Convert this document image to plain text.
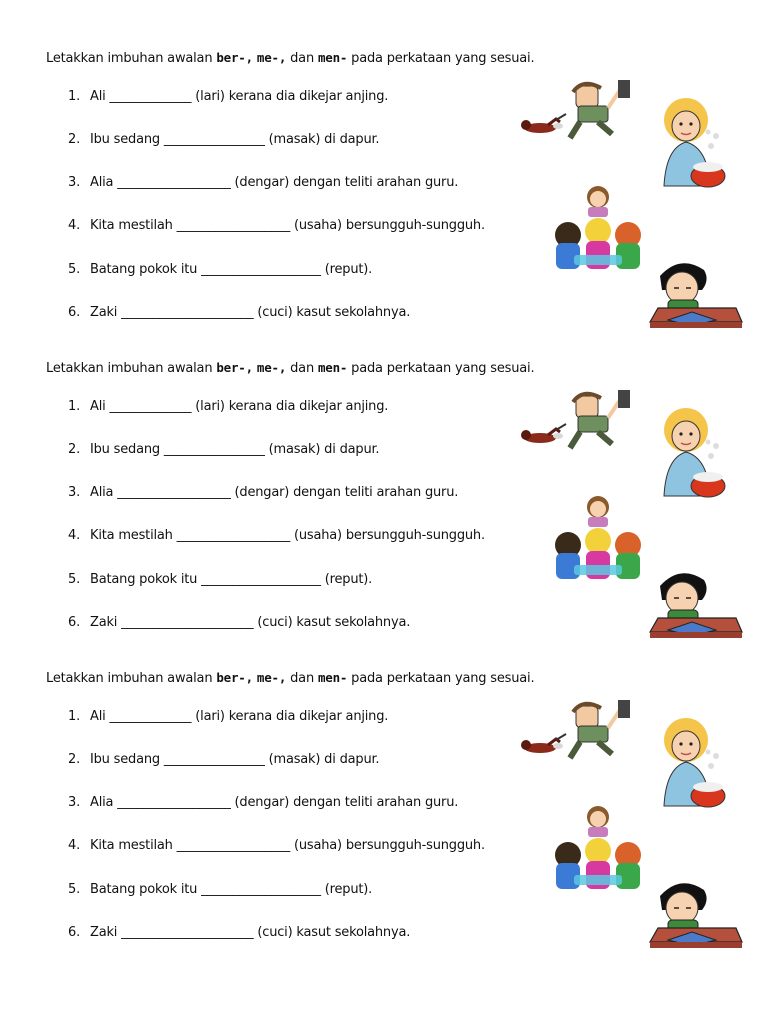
Letakkan imbuhan awalan ber-, me-, dan men- pada perkataan yang sesuai.
1. Ali _____________ (lari) kerana dia dikejar anjing.
2. Ibu sedang ________________ (masak) di dapur.
3. Alia __________________ (dengar) dengan teliti arahan guru.
4. Kita mestilah __________________ (usaha) bersungguh-sungguh.
5. Batang pokok itu ___________________ (reput).
6. Zaki _____________________ (cuci) kasut sekolahnya.
Letakkan imbuhan awalan ber-, me-, dan men- pada perkataan yang sesuai.
1. Ali _____________ (lari) kerana dia dikejar anjing.
2. Ibu sedang ________________ (masak) di dapur.
3. Alia __________________ (dengar) dengan teliti arahan guru.
4. Kita mestilah __________________ (usaha) bersungguh-sungguh.
5. Batang pokok itu ___________________ (reput).
6. Zaki _____________________ (cuci) kasut sekolahnya.
Letakkan imbuhan awalan ber-, me-, dan men- pada perkataan yang sesuai.
1. Ali _____________ (lari) kerana dia dikejar anjing.
2. Ibu sedang ________________ (masak) di dapur.
3. Alia __________________ (dengar) dengan teliti arahan guru.
4. Kita mestilah __________________ (usaha) bersungguh-sungguh.
5. Batang pokok itu ___________________ (reput).
6. Zaki _____________________ (cuci) kasut sekolahnya.
